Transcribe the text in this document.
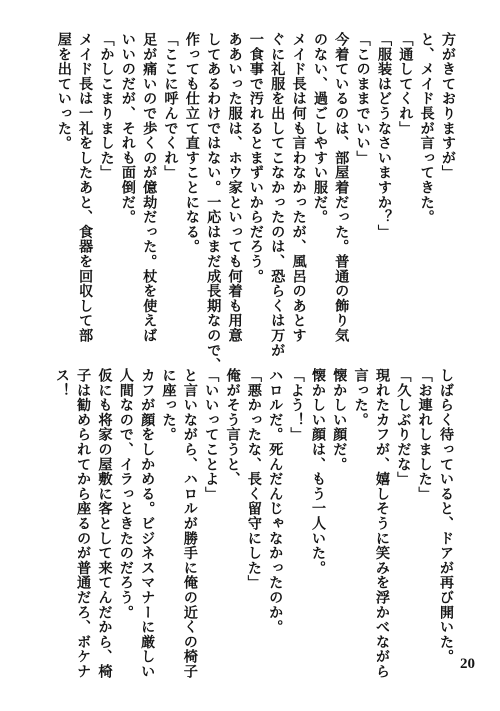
方がきておりますが」
と、メイド長が言ってきた。
「通してくれ」
「服装はどうなさいますか？」
「このままでいい」
今着ているのは、部屋着だった。普通の飾り気
のない、過ごしやすい服だ。
メイド長は何も言わなかったが、風呂のあとす
ぐに礼服を出してこなかったのは、恐らくは万が
一食事で汚れるとまずいからだろう。
ああいった服は、ホウ家といっても何着も用意
してあるわけではない。一応はまだ成長期なので、
作っても仕立て直すことになる。
「ここに呼んでくれ」
足が痛いので歩くのが億劫だった。杖を使えば
いいのだが、それも面倒だ。
「かしこまりました」
メイド長は一礼をしたあと、食器を回収して部
屋を出ていった。
しばらく待っていると、ドアが再び開いた。
「お連れしました」
「久しぶりだな」
現れたカフが、嬉しそうに笑みを浮かべながら
言った。
懐かしい顔だ。
懐かしい顔は、もう一人いた。
「よう！」
ハロルだ。死んだんじゃなかったのか。
「悪かったな、長く留守にした」
俺がそう言うと、
「いいってことよ」
と言いながら、ハロルが勝手に俺の近くの椅子
に座った。
カフが顔をしかめる。ビジネスマナーに厳しい
人間なので、イラっときたのだろう。
仮にも将家の屋敷に客として来てんだから、椅
子は勧められてから座るのが普通だろ、ボケナ
ス！
20
